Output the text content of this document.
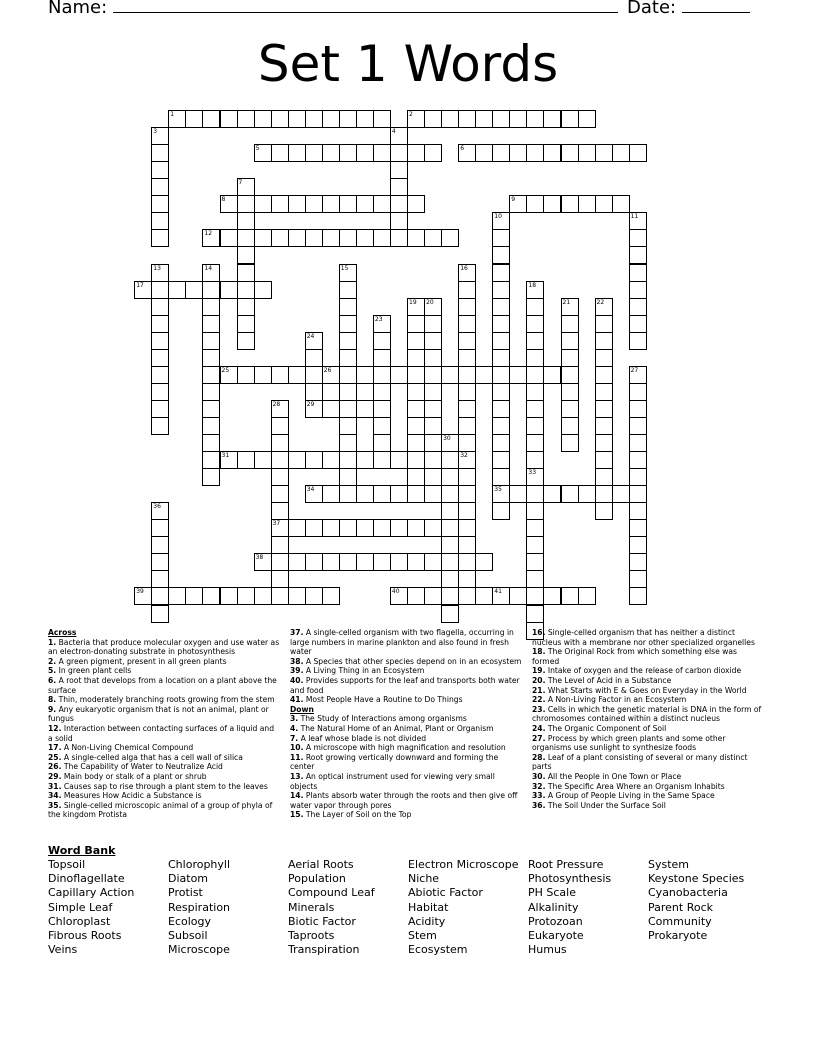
Name:	Date:
Set 1 Words
1	2
3	4
5	6
7
8	9
10	11
12
13	14	15	16
17	18
19 20	21	22
23
24
25	26	27
28	29
30
31	32
33
34	35
36
37
38
39	40	41
Across
1. Bacteria that produce molecular oxygen and use water as an electron-donating substrate in photosynthesis
2. A green pigment, present in all green plants
5. In green plant cells
6. A root that develops from a location on a plant above the surface
8. Thin, moderately branching roots growing from the stem
9. Any eukaryotic organism that is not an animal, plant or fungus
12. Interaction between contacting surfaces of a liquid and a solid
17. A Non-Living Chemical Compound
25. A single-celled alga that has a cell wall of silica
26. The Capability of Water to Neutralize Acid
29. Main body or stalk of a plant or shrub
31. Causes sap to rise through a plant stem to the leaves
34. Measures How Acidic a Substance is
35. Single-celled microscopic animal of a group of phyla of the kingdom Protista
37. A single-celled organism with two flagella, occurring in large numbers in marine plankton and also found in fresh water
38. A Species that other species depend on in an ecosystem
39. A Living Thing in an Ecosystem
40. Provides supports for the leaf and transports both water and food
41. Most People Have a Routine to Do Things
Down
3. The Study of Interactions among organisms
4. The Natural Home of an Animal, Plant or Organism
7. A leaf whose blade is not divided
10. A microscope with high magnification and resolution
11. Root growing vertically downward and forming the center
13. An optical instrument used for viewing very small objects
14. Plants absorb water through the roots and then give off water vapor through pores
15. The Layer of Soil on the Top
16. Single-celled organism that has neither a distinct nucleus with a membrane nor other specialized organelles
18. The Original Rock from which something else was formed
19. Intake of oxygen and the release of carbon dioxide
20. The Level of Acid in a Substance
21. What Starts with E & Goes on Everyday in the World
22. A Non-Living Factor in an Ecosystem
23. Cells in which the genetic material is DNA in the form of chromosomes contained within a distinct nucleus
24. The Organic Component of Soil
27. Process by which green plants and some other organisms use sunlight to synthesize foods
28. Leaf of a plant consisting of several or many distinct parts
30. All the People in One Town or Place
32. The Specific Area Where an Organism Inhabits
33. A Group of People Living in the Same Space
36. The Soil Under the Surface Soil
Word Bank
Topsoil
Dinoflagellate
Capillary Action
Simple Leaf
Chloroplast
Fibrous Roots
Veins
Chlorophyll
Diatom
Protist
Respiration
Ecology
Subsoil
Microscope
Aerial Roots
Population
Compound Leaf
Minerals
Biotic Factor
Taproots
Transpiration
Electron Microscope
Niche
Abiotic Factor
Habitat
Acidity
Stem
Ecosystem
Root Pressure
Photosynthesis
PH Scale
Alkalinity
Protozoan
Eukaryote
Humus
System
Keystone Species
Cyanobacteria
Parent Rock
Community
Prokaryote
